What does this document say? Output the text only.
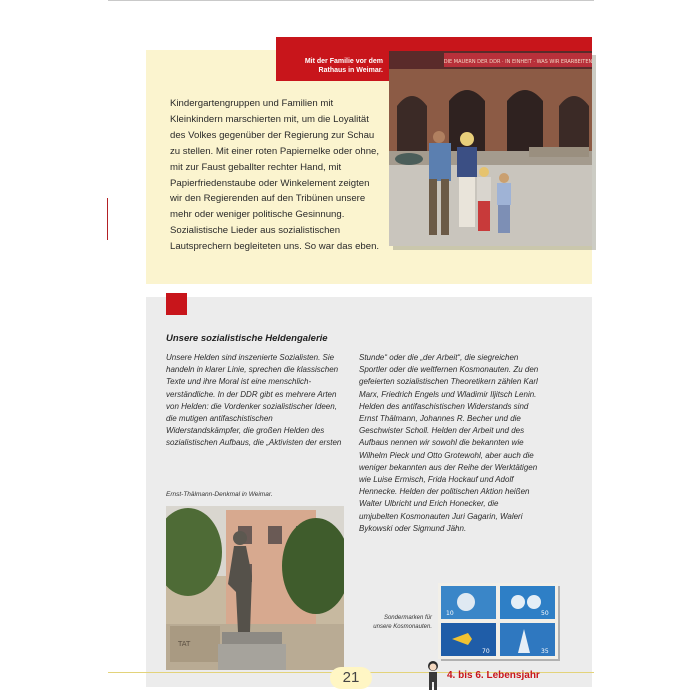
Mit der Familie vor dem Rathaus in Weimar.
Kindergartengruppen und Familien mit Kleinkindern marschierten mit, um die Loyalität des Volkes gegenüber der Regierung zur Schau zu stellen. Mit einer roten Papiernelke oder ohne, mit zur Faust geballter rechter Hand, mit Papierfriedenstaube oder Winkelement zeigten wir den Regierenden auf den Tribünen unsere mehr oder weniger politische Gesinnung. Sozialistische Lieder aus sozialistischen Lautsprechern begleiteten uns. So war das eben.
DIE MAUERN DER DDR · IN EINHEIT · WAS WIR ERARBEITEN
Unsere sozialistische Heldengalerie
Unsere Helden sind inszenierte Sozialisten. Sie handeln in klarer Linie, sprechen die klassischen Texte und ihre Moral ist eine menschlich-verständliche. In der DDR gibt es mehrere Arten von Helden: die Vordenker sozialistischer Ideen, die mutigen antifaschistischen Widerstandskämpfer, die großen Helden des sozialistischen Aufbaus, die „Aktivisten der ersten
Stunde“ oder die „der Arbeit“, die siegreichen Sportler oder die weltfernen Kosmonauten. Zu den gefeierten sozialistischen Theoretikern zählen Karl Marx, Friedrich Engels und Wladimir Iljitsch Lenin. Helden des antifaschistischen Widerstands sind Ernst Thälmann, Johannes R. Becher und die Geschwister Scholl. Helden der Arbeit und des Aufbaus nennen wir sowohl die bekannten wie Wilhelm Pieck und Otto Grotewohl, aber auch die weniger bekannten aus der Reihe der Werktätigen wie Luise Ermisch, Frida Hockauf und Adolf Hennecke. Helden der politischen Aktion heißen Walter Ulbricht und Erich Honecker, die umjubelten Kosmonauten Juri Gagarin, Waleri Bykowski oder Sigmund Jähn.
Ernst-Thälmann-Denkmal in Weimar.
TAT
Sondermarken für unsere Kosmonauten.
10	50
70	35
21	4. bis 6. Lebensjahr
